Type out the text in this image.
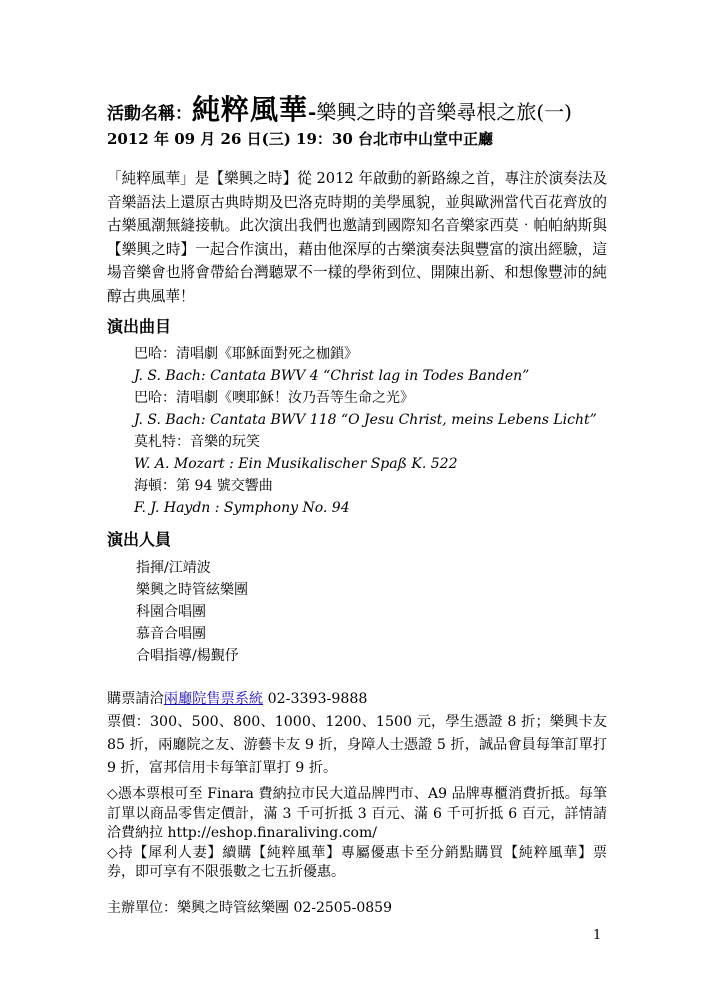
活動名稱：純粹風華-樂興之時的音樂尋根之旅(一)
2012 年 09 月 26 日(三) 19：30 台北市中山堂中正廳
「純粹風華」是【樂興之時】從 2012 年啟動的新路線之首，專注於演奏法及音樂語法上還原古典時期及巴洛克時期的美學風貌，並與歐洲當代百花齊放的古樂風潮無縫接軌。此次演出我們也邀請到國際知名音樂家西莫‧帕帕納斯與【樂興之時】一起合作演出，藉由他深厚的古樂演奏法與豐富的演出經驗，這場音樂會也將會帶給台灣聽眾不一樣的學術到位、開陳出新、和想像豐沛的純醇古典風華！
演出曲目
巴哈：清唱劇《耶穌面對死之枷鎖》
J. S. Bach: Cantata BWV 4 “Christ lag in Todes Banden”
巴哈：清唱劇《噢耶穌！汝乃吾等生命之光》
J. S. Bach: Cantata BWV 118 “O Jesu Christ, meins Lebens Licht”
莫札特：音樂的玩笑
W. A. Mozart : Ein Musikalischer Spaß K. 522
海頓：第 94 號交響曲
F. J. Haydn : Symphony No. 94
演出人員
指揮/江靖波
樂興之時管絃樂團
科園合唱團
慕音合唱團
合唱指導/楊覲伃
購票請洽兩廳院售票系統 02-3393-9888
票價：300、500、800、1000、1200、1500 元，學生憑證 8 折；樂興卡友 85 折，兩廳院之友、游藝卡友 9 折，身障人士憑證 5 折，誠品會員每筆訂單打 9 折，富邦信用卡每筆訂單打 9 折。
◇憑本票根可至 Finara 費納拉市民大道品牌門市、A9 品牌專櫃消費折抵。每筆訂單以商品零售定價計，滿 3 千可折抵 3 百元、滿 6 千可折抵 6 百元，詳情請洽費納拉 http://eshop.finaraliving.com/
◇持【犀利人妻】續購【純粹風華】專屬優惠卡至分銷點購買【純粹風華】票券，即可享有不限張數之七五折優惠。
主辦單位：樂興之時管絃樂團 02-2505-0859
1
